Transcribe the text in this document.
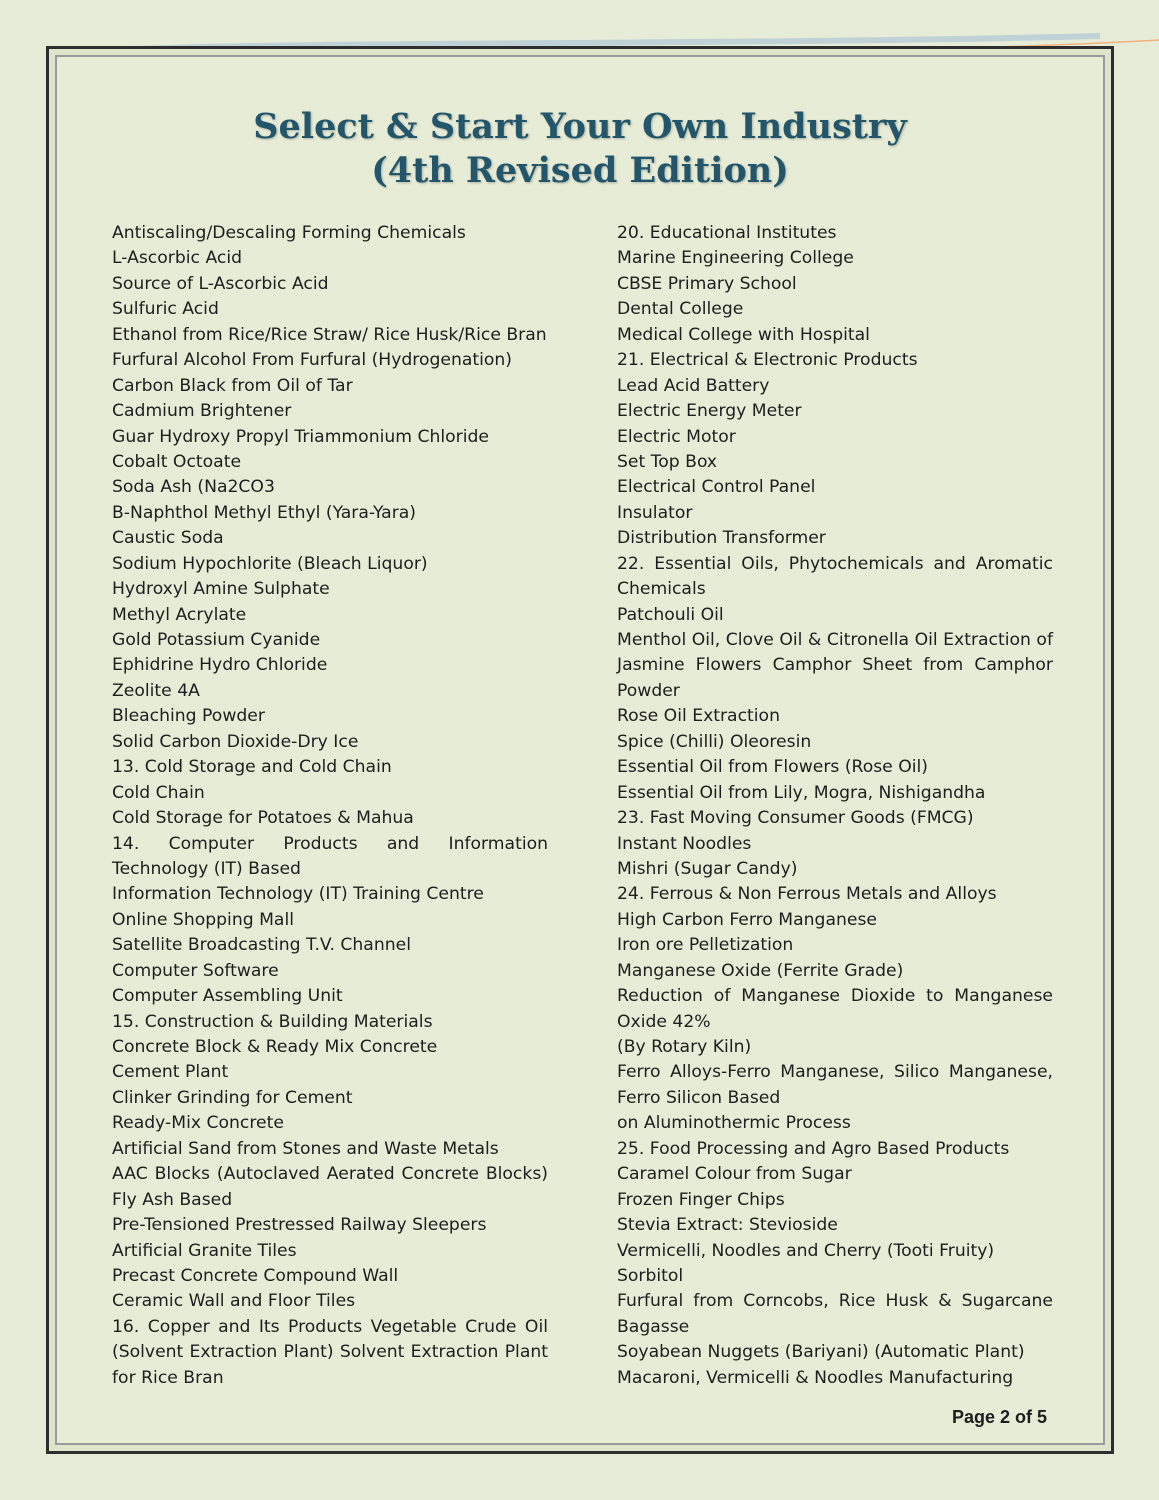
Select & Start Your Own Industry
(4th Revised Edition)
Antiscaling/Descaling Forming Chemicals
L-Ascorbic Acid
Source of L-Ascorbic Acid
Sulfuric Acid
Ethanol from Rice/Rice Straw/ Rice Husk/Rice Bran
Furfural Alcohol From Furfural (Hydrogenation)
Carbon Black from Oil of Tar
Cadmium Brightener
Guar Hydroxy Propyl Triammonium Chloride
Cobalt Octoate
Soda Ash (Na2CO3
B-Naphthol Methyl Ethyl (Yara-Yara)
Caustic Soda
Sodium Hypochlorite (Bleach Liquor)
Hydroxyl Amine Sulphate
Methyl Acrylate
Gold Potassium Cyanide
Ephidrine Hydro Chloride
Zeolite 4A
Bleaching Powder
Solid Carbon Dioxide-Dry Ice
13. Cold Storage and Cold Chain
Cold Chain
Cold Storage for Potatoes & Mahua
14. Computer Products and Information
Technology (IT) Based
Information Technology (IT) Training Centre
Online Shopping Mall
Satellite Broadcasting T.V. Channel
Computer Software
Computer Assembling Unit
15. Construction & Building Materials
Concrete Block & Ready Mix Concrete
Cement Plant
Clinker Grinding for Cement
Ready-Mix Concrete
Artificial Sand from Stones and Waste Metals
AAC Blocks (Autoclaved Aerated Concrete Blocks)
Fly Ash Based
Pre-Tensioned Prestressed Railway Sleepers
Artificial Granite Tiles
Precast Concrete Compound Wall
Ceramic Wall and Floor Tiles
16. Copper and Its Products Vegetable Crude Oil
(Solvent Extraction Plant) Solvent Extraction Plant
for Rice Bran
20. Educational Institutes
Marine Engineering College
CBSE Primary School
Dental College
Medical College with Hospital
21. Electrical & Electronic Products
Lead Acid Battery
Electric Energy Meter
Electric Motor
Set Top Box
Electrical Control Panel
Insulator
Distribution Transformer
22. Essential Oils, Phytochemicals and Aromatic
Chemicals
Patchouli Oil
Menthol Oil, Clove Oil & Citronella Oil Extraction of
Jasmine Flowers Camphor Sheet from Camphor
Powder
Rose Oil Extraction
Spice (Chilli) Oleoresin
Essential Oil from Flowers (Rose Oil)
Essential Oil from Lily, Mogra, Nishigandha
23. Fast Moving Consumer Goods (FMCG)
Instant Noodles
Mishri (Sugar Candy)
24. Ferrous & Non Ferrous Metals and Alloys
High Carbon Ferro Manganese
Iron ore Pelletization
Manganese Oxide (Ferrite Grade)
Reduction of Manganese Dioxide to Manganese
Oxide 42%
(By Rotary Kiln)
Ferro Alloys-Ferro Manganese, Silico Manganese,
Ferro Silicon Based
on Aluminothermic Process
25. Food Processing and Agro Based Products
Caramel Colour from Sugar
Frozen Finger Chips
Stevia Extract: Stevioside
Vermicelli, Noodles and Cherry (Tooti Fruity)
Sorbitol
Furfural from Corncobs, Rice Husk & Sugarcane
Bagasse
Soyabean Nuggets (Bariyani) (Automatic Plant)
Macaroni, Vermicelli & Noodles Manufacturing
Page 2 of 5
